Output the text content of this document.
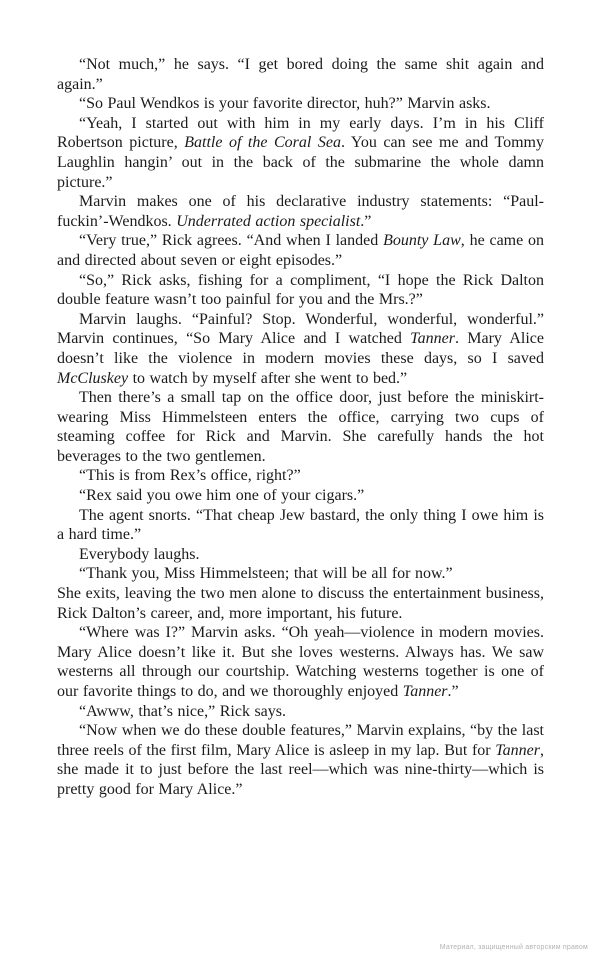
“Not much,” he says. “I get bored doing the same shit again and again.”

“So Paul Wendkos is your favorite director, huh?” Marvin asks.

“Yeah, I started out with him in my early days. I’m in his Cliff Robertson picture, Battle of the Coral Sea. You can see me and Tommy Laughlin hangin’ out in the back of the submarine the whole damn picture.”

Marvin makes one of his declarative industry statements: “Paul-fuckin’-Wendkos. Underrated action specialist.”

“Very true,” Rick agrees. “And when I landed Bounty Law, he came on and directed about seven or eight episodes.”

“So,” Rick asks, fishing for a compliment, “I hope the Rick Dalton double feature wasn’t too painful for you and the Mrs.?”

Marvin laughs. “Painful? Stop. Wonderful, wonderful, wonderful.” Marvin continues, “So Mary Alice and I watched Tanner. Mary Alice doesn’t like the violence in modern movies these days, so I saved McCluskey to watch by myself after she went to bed.”

Then there’s a small tap on the office door, just before the miniskirt-wearing Miss Himmelsteen enters the office, carrying two cups of steaming coffee for Rick and Marvin. She carefully hands the hot beverages to the two gentlemen.

“This is from Rex’s office, right?”

“Rex said you owe him one of your cigars.”

The agent snorts. “That cheap Jew bastard, the only thing I owe him is a hard time.”

Everybody laughs.

“Thank you, Miss Himmelsteen; that will be all for now.”

She exits, leaving the two men alone to discuss the entertainment business, Rick Dalton’s career, and, more important, his future.

“Where was I?” Marvin asks. “Oh yeah—violence in modern movies. Mary Alice doesn’t like it. But she loves westerns. Always has. We saw westerns all through our courtship. Watching westerns together is one of our favorite things to do, and we thoroughly enjoyed Tanner.”

“Awww, that’s nice,” Rick says.

“Now when we do these double features,” Marvin explains, “by the last three reels of the first film, Mary Alice is asleep in my lap. But for Tanner, she made it to just before the last reel—which was nine-thirty—which is pretty good for Mary Alice.”

Материал, защищенный авторским правом
